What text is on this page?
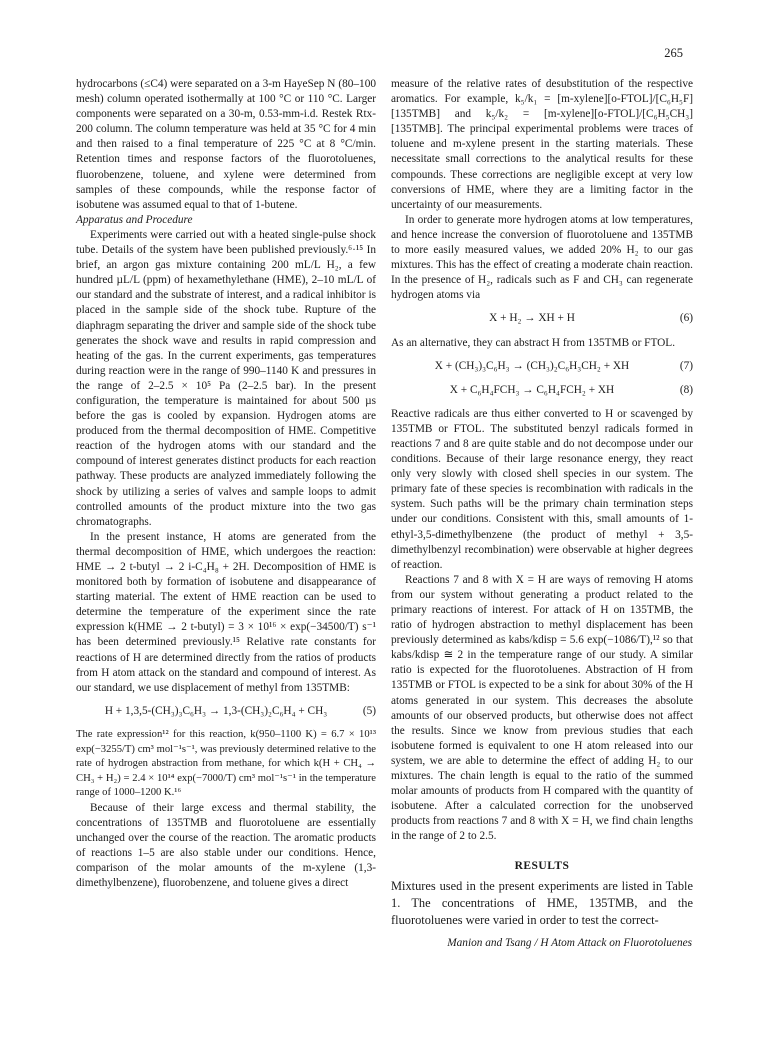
265

hydrocarbons (≤C4) were separated on a 3-m HayeSep N (80–100 mesh) column operated isothermally at 100 °C or 110 °C. Larger components were separated on a 30-m, 0.53-mm-i.d. Restek Rtx-200 column. The column temperature was held at 35 °C for 4 min and then raised to a final temperature of 225 °C at 8 °C/min. Retention times and response factors of the fluorotoluenes, fluorobenzene, toluene, and xylene were determined from samples of these compounds, while the response factor of isobutene was assumed equal to that of 1-butene.

Apparatus and Procedure

Experiments were carried out with a heated single-pulse shock tube. Details of the system have been published previously.⁶·¹⁵ In brief, an argon gas mixture containing 200 mL/L H₂, a few hundred µL/L (ppm) of hexamethylethane (HME), 2–10 mL/L of our standard and the substrate of interest, and a radical inhibitor is placed in the sample side of the shock tube. Rupture of the diaphragm separating the driver and sample side of the shock tube generates the shock wave and results in rapid compression and heating of the gas. In the current experiments, gas temperatures during reaction were in the range of 990–1140 K and pressures in the range of 2–2.5 × 10⁵ Pa (2–2.5 bar). In the present configuration, the temperature is maintained for about 500 µs before the gas is cooled by expansion. Hydrogen atoms are produced from the thermal decomposition of HME. Competitive reaction of the hydrogen atoms with our standard and the compound of interest generates distinct products for each reaction pathway. These products are analyzed immediately following the shock by utilizing a series of valves and sample loops to admit controlled amounts of the product mixture into the two gas chromatographs.

In the present instance, H atoms are generated from the thermal decomposition of HME, which undergoes the reaction: HME → 2 t-butyl → 2 i-C₄H₈ + 2H. Decomposition of HME is monitored both by formation of isobutene and disappearance of starting material. The extent of HME reaction can be used to determine the temperature of the experiment since the rate expression k(HME → 2 t-butyl) = 3 × 10¹⁶ × exp(−34500/T) s⁻¹ has been determined previously.¹⁵ Relative rate constants for reactions of H are determined directly from the ratios of products from H atom attack on the standard and compound of interest. As our standard, we use displacement of methyl from 135TMB:

H + 1,3,5-(CH₃)₃C₆H₃ → 1,3-(CH₃)₂C₆H₄ + CH₃	(5)

The rate expression¹² for this reaction, k(950–1100 K) = 6.7 × 10¹³ exp(−3255/T) cm³ mol⁻¹s⁻¹, was previously determined relative to the rate of hydrogen abstraction from methane, for which k(H + CH₄ → CH₃ + H₂) = 2.4 × 10¹⁴ exp(−7000/T) cm³ mol⁻¹s⁻¹ in the temperature range of 1000–1200 K.¹⁶

Because of their large excess and thermal stability, the concentrations of 135TMB and fluorotoluene are essentially unchanged over the course of the reaction. The aromatic products of reactions 1–5 are also stable under our conditions. Hence, comparison of the molar amounts of the m-xylene (1,3-dimethylbenzene), fluorobenzene, and toluene gives a direct

measure of the relative rates of desubstitution of the respective aromatics. For example, k₅/k₁ = [m-xylene][o-FTOL]/[C₆H₅F][135TMB] and k₅/k₂ = [m-xylene][o-FTOL]/[C₆H₅CH₃][135TMB]. The principal experimental problems were traces of toluene and m-xylene present in the starting materials. These necessitate small corrections to the analytical results for these compounds. These corrections are negligible except at very low conversions of HME, where they are a limiting factor in the uncertainty of our measurements.

In order to generate more hydrogen atoms at low temperatures, and hence increase the conversion of fluorotoluene and 135TMB to more easily measured values, we added 20% H₂ to our gas mixtures. This has the effect of creating a moderate chain reaction. In the presence of H₂, radicals such as F and CH₃ can regenerate hydrogen atoms via

X + H₂ → XH + H	(6)

As an alternative, they can abstract H from 135TMB or FTOL.

X + (CH₃)₃C₆H₃ → (CH₃)₂C₆H₃CH₂ + XH	(7)
X + C₆H₄FCH₃ → C₆H₄FCH₂ + XH	(8)

Reactive radicals are thus either converted to H or scavenged by 135TMB or FTOL. The substituted benzyl radicals formed in reactions 7 and 8 are quite stable and do not decompose under our conditions. Because of their large resonance energy, they react only very slowly with closed shell species in our system. The primary fate of these species is recombination with radicals in the system. Such paths will be the primary chain termination steps under our conditions. Consistent with this, small amounts of 1-ethyl-3,5-dimethylbenzene (the product of methyl + 3,5-dimethylbenzyl recombination) were observable at higher degrees of reaction.

Reactions 7 and 8 with X = H are ways of removing H atoms from our system without generating a product related to the primary reactions of interest. For attack of H on 135TMB, the ratio of hydrogen abstraction to methyl displacement has been previously determined as kabs/kdisp = 5.6 exp(−1086/T),¹² so that kabs/kdisp ≅ 2 in the temperature range of our study. A similar ratio is expected for the fluorotoluenes. Abstraction of H from 135TMB or FTOL is expected to be a sink for about 30% of the H atoms generated in our system. This decreases the absolute amounts of our observed products, but otherwise does not affect the results. Since we know from previous studies that each isobutene formed is equivalent to one H atom released into our system, we are able to determine the effect of adding H₂ to our mixtures. The chain length is equal to the ratio of the summed molar amounts of products from H compared with the quantity of isobutene. After a calculated correction for the unobserved products from reactions 7 and 8 with X = H, we find chain lengths in the range of 2 to 2.5.

RESULTS

Mixtures used in the present experiments are listed in Table 1. The concentrations of HME, 135TMB, and the fluorotoluenes were varied in order to test the correct-

Manion and Tsang / H Atom Attack on Fluorotoluenes
